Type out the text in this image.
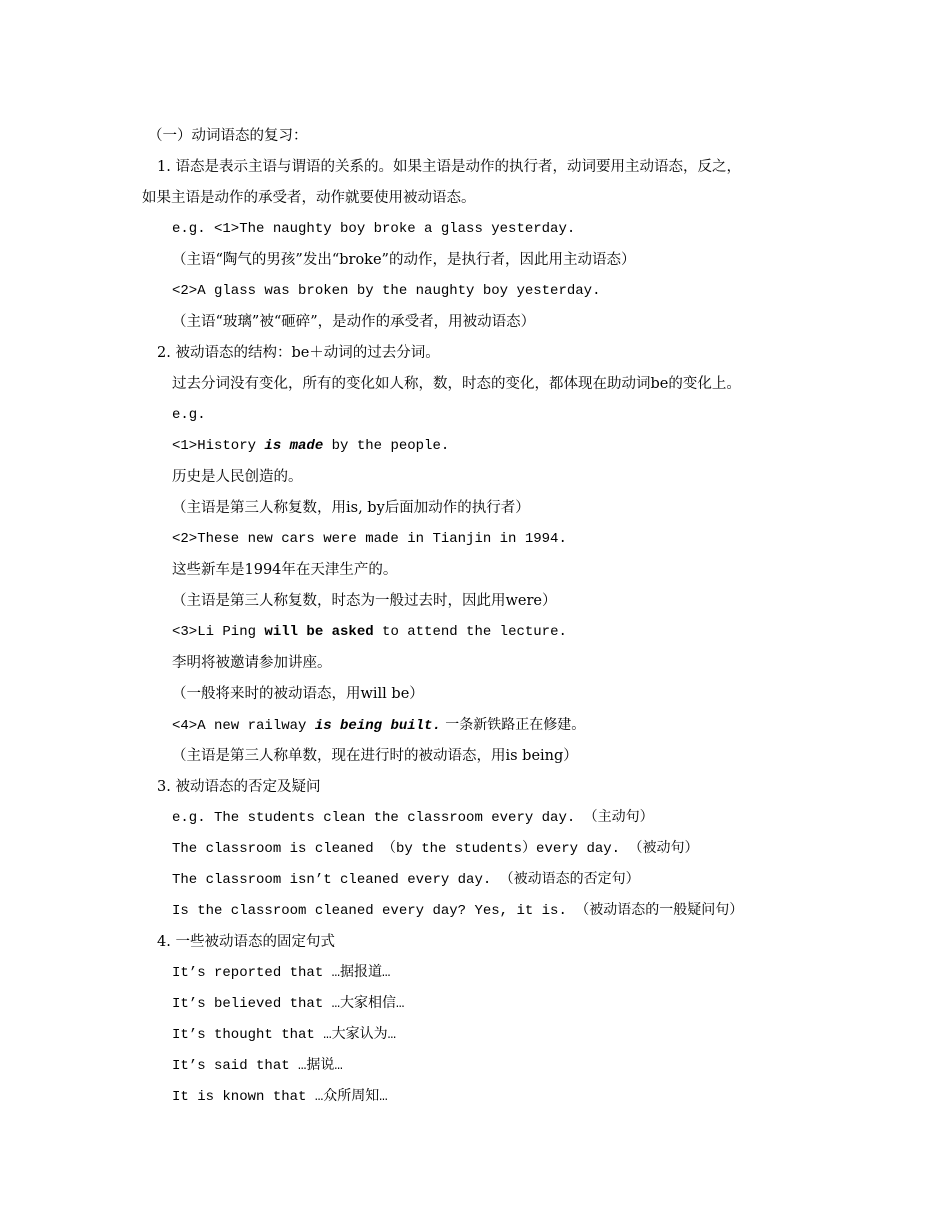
（一）动词语态的复习：
1. 语态是表示主语与谓语的关系的。如果主语是动作的执行者，动词要用主动语态，反之，
如果主语是动作的承受者，动作就要使用被动语态。
e.g. <1>The naughty boy broke a glass yesterday.
（主语“陶气的男孩”发出“broke”的动作，是执行者，因此用主动语态）
<2>A glass was broken by the naughty boy yesterday.
（主语“玻璃”被“砸碎”，是动作的承受者，用被动语态）
2. 被动语态的结构：be＋动词的过去分词。
过去分词没有变化，所有的变化如人称，数，时态的变化，都体现在助动词be的变化上。
e.g.
<1>History is made by the people.
历史是人民创造的。
（主语是第三人称复数，用is, by后面加动作的执行者）
<2>These new cars were made in Tianjin in 1994.
这些新车是1994年在天津生产的。
（主语是第三人称复数，时态为一般过去时，因此用were）
<3>Li Ping will be asked to attend the lecture.
李明将被邀请参加讲座。
（一般将来时的被动语态，用will be）
<4>A new railway is being built. 一条新铁路正在修建。
（主语是第三人称单数，现在进行时的被动语态，用is being）
3. 被动语态的否定及疑问
e.g. The students clean the classroom every day. （主动句）
The classroom is cleaned （by the students）every day. （被动句）
The classroom isn’t cleaned every day. （被动语态的否定句）
Is the classroom cleaned every day? Yes, it is. （被动语态的一般疑问句）
4. 一些被动语态的固定句式
It’s reported that …据报道…
It’s believed that …大家相信…
It’s thought that …大家认为…
It’s said that …据说…
It is known that …众所周知…
